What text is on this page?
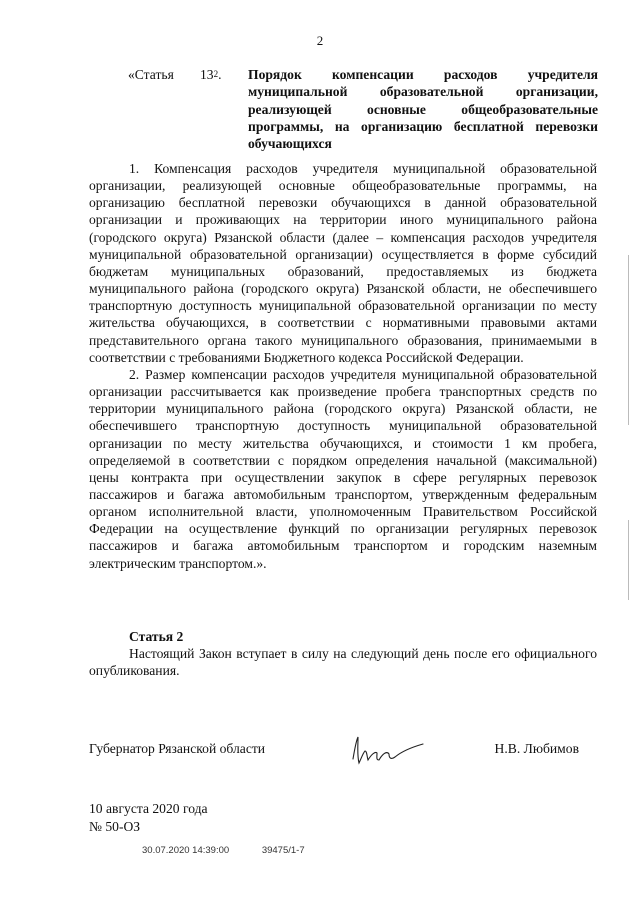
2
«Статья $13^2$. Порядок компенсации расходов учредителя
муниципальной образовательной организации,
реализующей основные общеобразовательные
программы, на организацию бесплатной перевозки
обучающихся

1. Компенсация расходов учредителя муниципальной образовательной организации, реализующей основные общеобразовательные программы, на организацию бесплатной перевозки обучающихся в данной образовательной организации и проживающих на территории иного муниципального района (городского округа) Рязанской области (далее – компенсация расходов учредителя муниципальной образовательной организации) осуществляется в форме субсидий бюджетам муниципальных образований, предоставляемых из бюджета муниципального района (городского округа) Рязанской области, не обеспечившего транспортную доступность муниципальной образовательной организации по месту жительства обучающихся, в соответствии с нормативными правовыми актами представительного органа такого муниципального образования, принимаемыми в соответствии с требованиями Бюджетного кодекса Российской Федерации.

2. Размер компенсации расходов учредителя муниципальной образовательной организации рассчитывается как произведение пробега транспортных средств по территории муниципального района (городского округа) Рязанской области, не обеспечившего транспортную доступность муниципальной образовательной организации по месту жительства обучающихся, и стоимости 1 км пробега, определяемой в соответствии с порядком определения начальной (максимальной) цены контракта при осуществлении закупок в сфере регулярных перевозок пассажиров и багажа автомобильным транспортом, утвержденным федеральным органом исполнительной власти, уполномоченным Правительством Российской Федерации на осуществление функций по организации регулярных перевозок пассажиров и багажа автомобильным транспортом и городским наземным электрическим транспортом.».

Статья 2

Настоящий Закон вступает в силу на следующий день после его официального опубликования.

Губернатор Рязанской области	Н.В. Любимов
10 августа 2020 года
№ 50-ОЗ
30.07.2020 14:39:00	39475/1-7
